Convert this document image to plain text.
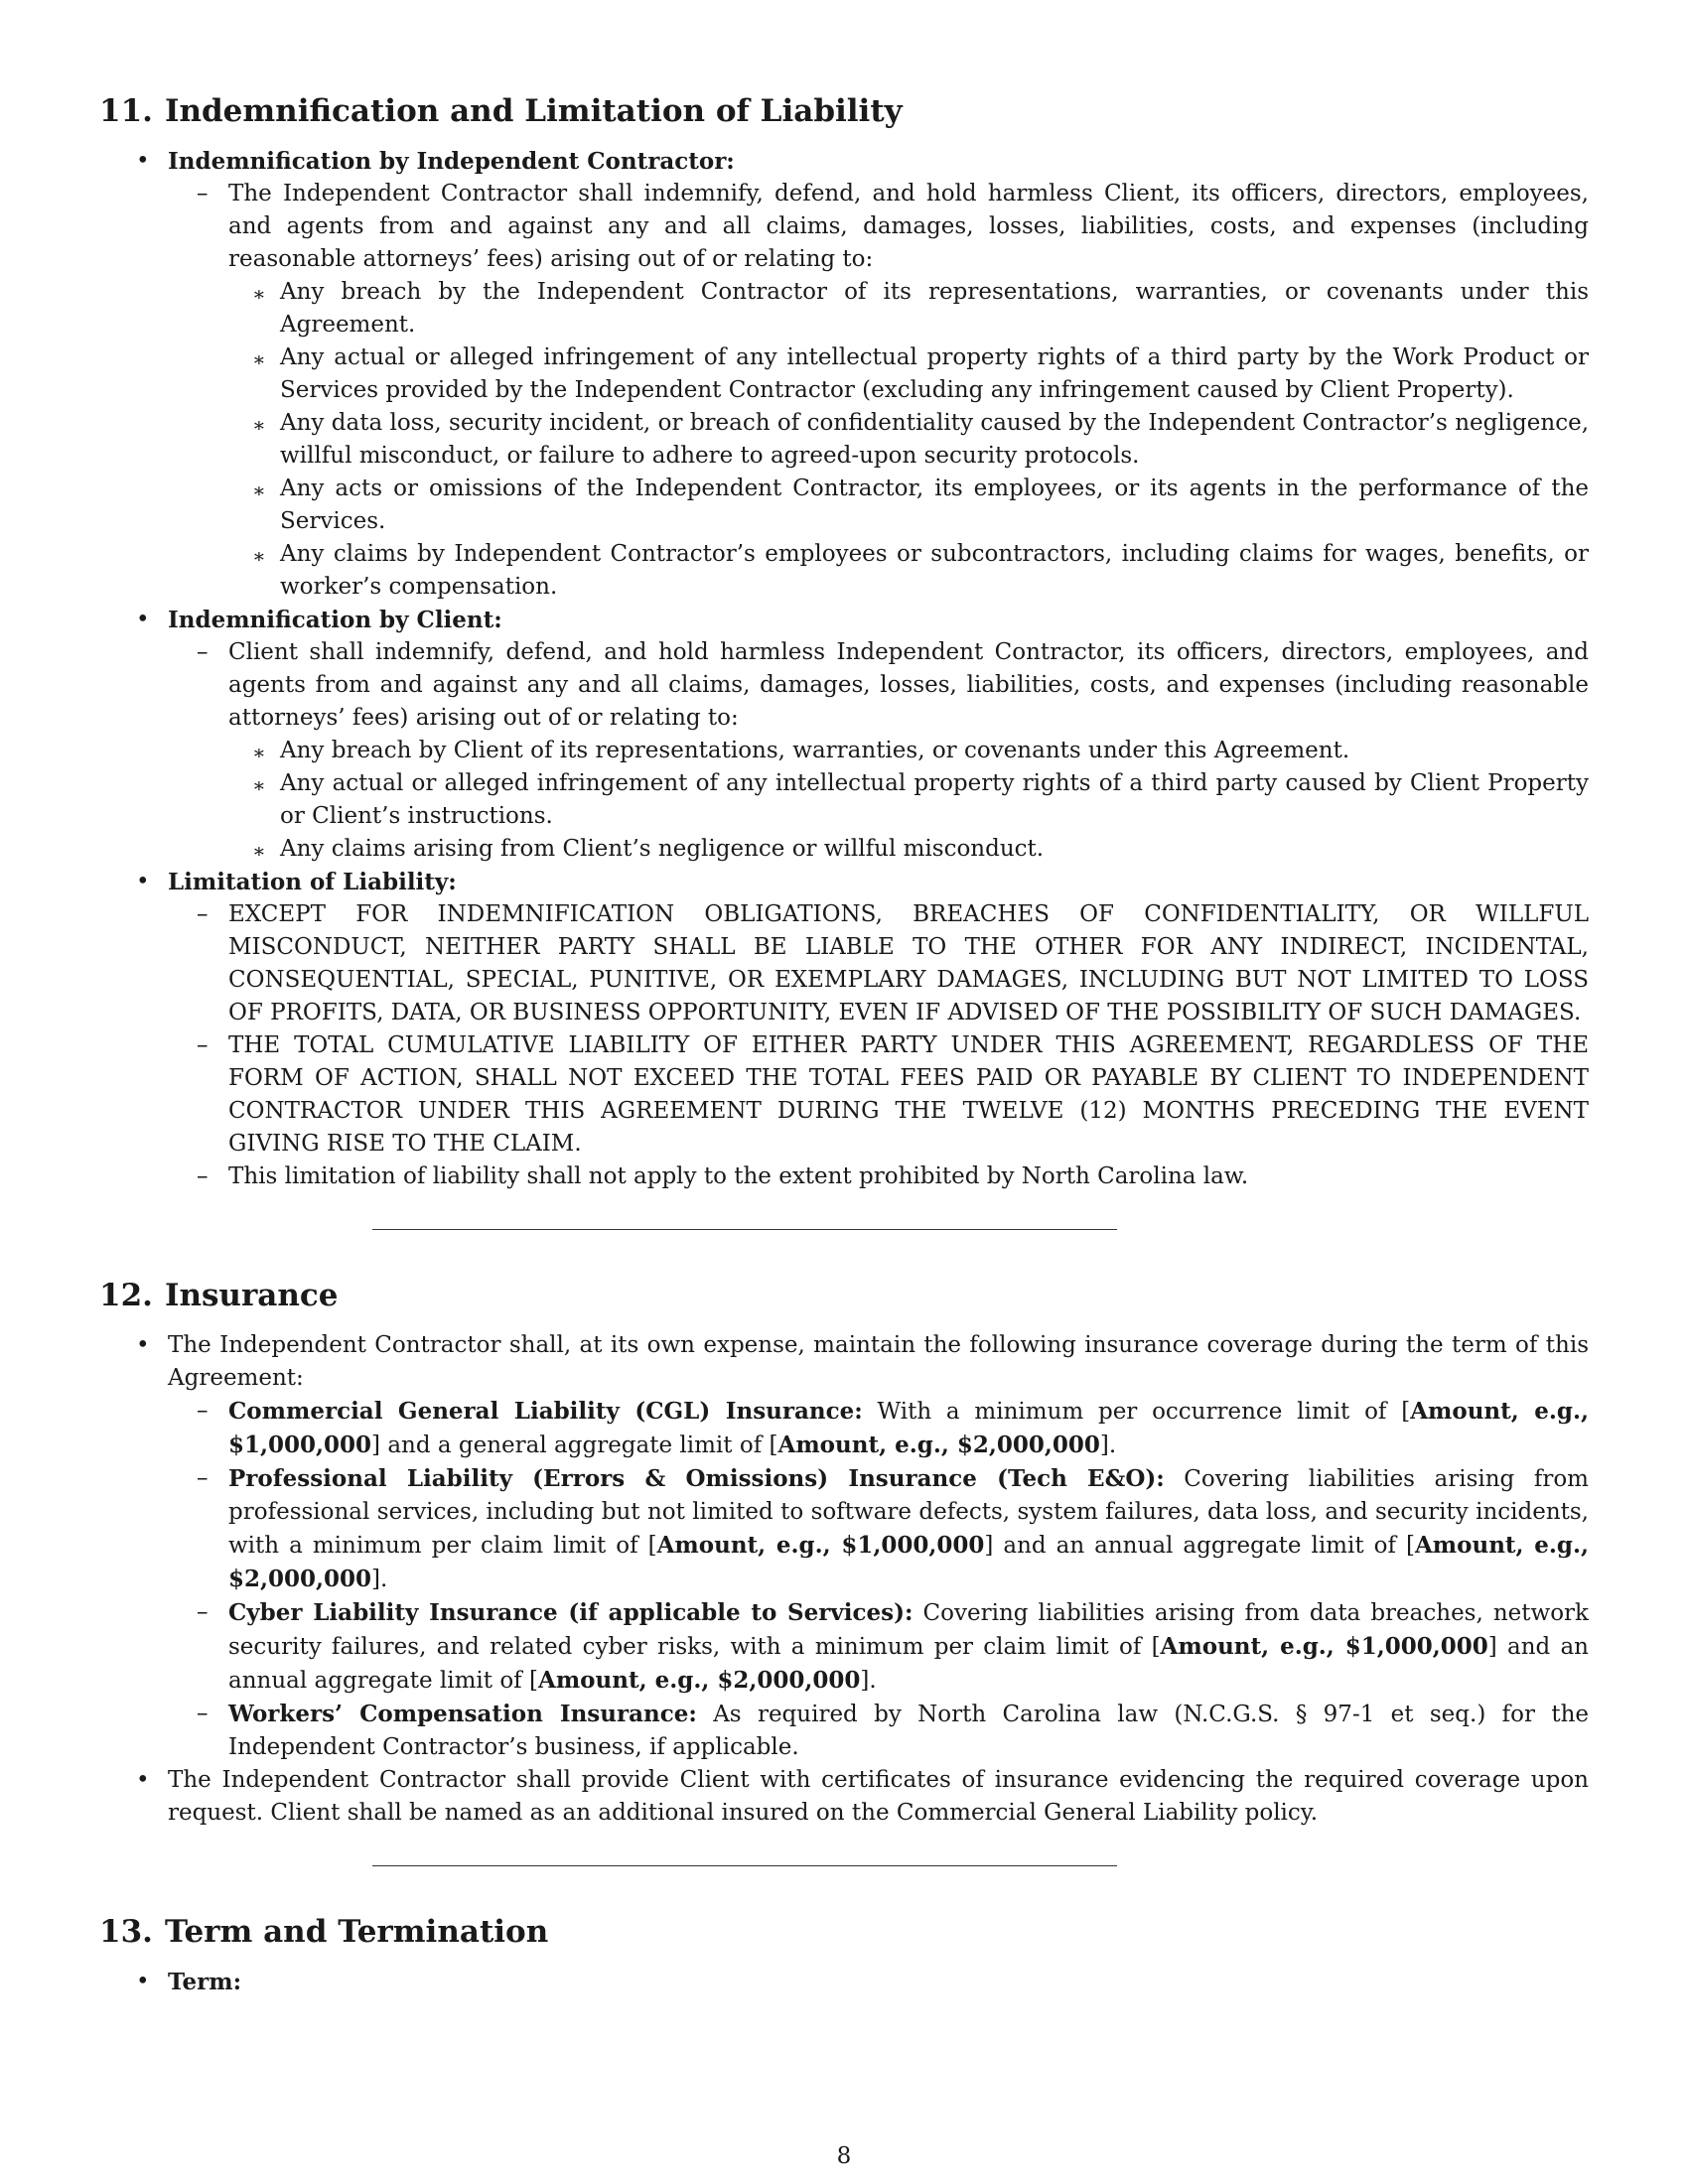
11. Indemnification and Limitation of Liability
• Indemnification by Independent Contractor:
– The Independent Contractor shall indemnify, defend, and hold harmless Client, its officers, directors, employees, and agents from and against any and all claims, damages, losses, liabilities, costs, and expenses (including reasonable attorneys’ fees) arising out of or relating to:
∗ Any breach by the Independent Contractor of its representations, warranties, or covenants under this Agreement.
∗ Any actual or alleged infringement of any intellectual property rights of a third party by the Work Product or Services provided by the Independent Contractor (excluding any infringement caused by Client Property).
∗ Any data loss, security incident, or breach of confidentiality caused by the Independent Contractor’s negligence, willful misconduct, or failure to adhere to agreed-upon security protocols.
∗ Any acts or omissions of the Independent Contractor, its employees, or its agents in the performance of the Services.
∗ Any claims by Independent Contractor’s employees or subcontractors, including claims for wages, benefits, or worker’s compensation.
• Indemnification by Client:
– Client shall indemnify, defend, and hold harmless Independent Contractor, its officers, directors, employees, and agents from and against any and all claims, damages, losses, liabilities, costs, and expenses (including reasonable attorneys’ fees) arising out of or relating to:
∗ Any breach by Client of its representations, warranties, or covenants under this Agreement.
∗ Any actual or alleged infringement of any intellectual property rights of a third party caused by Client Property or Client’s instructions.
∗ Any claims arising from Client’s negligence or willful misconduct.
• Limitation of Liability:
– EXCEPT FOR INDEMNIFICATION OBLIGATIONS, BREACHES OF CONFIDENTIALITY, OR WILLFUL MISCONDUCT, NEITHER PARTY SHALL BE LIABLE TO THE OTHER FOR ANY INDIRECT, INCIDENTAL, CONSEQUENTIAL, SPECIAL, PUNITIVE, OR EXEMPLARY DAMAGES, INCLUDING BUT NOT LIMITED TO LOSS OF PROFITS, DATA, OR BUSINESS OPPORTUNITY, EVEN IF ADVISED OF THE POSSIBILITY OF SUCH DAMAGES.
– THE TOTAL CUMULATIVE LIABILITY OF EITHER PARTY UNDER THIS AGREEMENT, REGARDLESS OF THE FORM OF ACTION, SHALL NOT EXCEED THE TOTAL FEES PAID OR PAYABLE BY CLIENT TO INDEPENDENT CONTRACTOR UNDER THIS AGREEMENT DURING THE TWELVE (12) MONTHS PRECEDING THE EVENT GIVING RISE TO THE CLAIM.
– This limitation of liability shall not apply to the extent prohibited by North Carolina law.
12. Insurance
• The Independent Contractor shall, at its own expense, maintain the following insurance coverage during the term of this Agreement:
– Commercial General Liability (CGL) Insurance: With a minimum per occurrence limit of [Amount, e.g., $1,000,000] and a general aggregate limit of [Amount, e.g., $2,000,000].
– Professional Liability (Errors & Omissions) Insurance (Tech E&O): Covering liabilities arising from professional services, including but not limited to software defects, system failures, data loss, and security incidents, with a minimum per claim limit of [Amount, e.g., $1,000,000] and an annual aggregate limit of [Amount, e.g., $2,000,000].
– Cyber Liability Insurance (if applicable to Services): Covering liabilities arising from data breaches, network security failures, and related cyber risks, with a minimum per claim limit of [Amount, e.g., $1,000,000] and an annual aggregate limit of [Amount, e.g., $2,000,000].
– Workers’ Compensation Insurance: As required by North Carolina law (N.C.G.S. § 97-1 et seq.) for the Independent Contractor’s business, if applicable.
• The Independent Contractor shall provide Client with certificates of insurance evidencing the required coverage upon request. Client shall be named as an additional insured on the Commercial General Liability policy.
13. Term and Termination
• Term:
8
